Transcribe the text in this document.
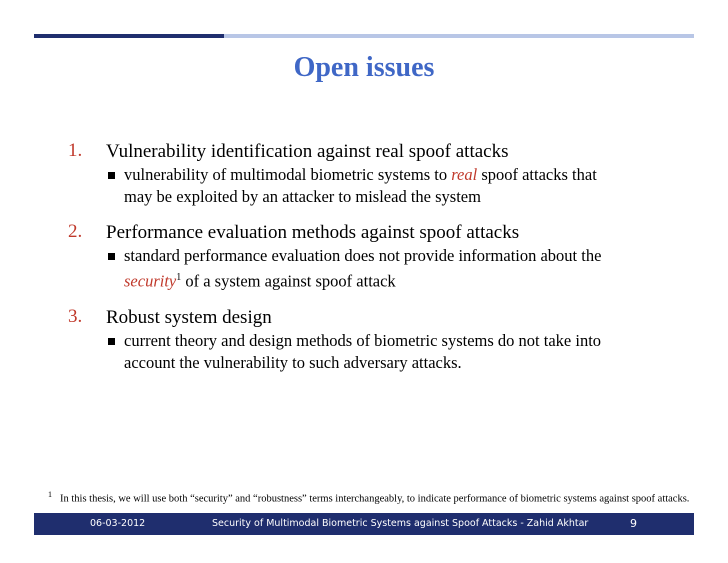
Open issues
1. Vulnerability identification against real spoof attacks
vulnerability of multimodal biometric systems to real spoof attacks that
may be exploited by an attacker to mislead the system
2. Performance evaluation methods against spoof attacks
standard performance evaluation does not provide information about the
security$^1$ of a system against spoof attack
3. Robust system design
current theory and design methods of biometric systems do not take into
account the vulnerability to such adversary attacks.
$^1$ In this thesis, we will use both “security” and “robustness” terms interchangeably, to indicate performance of biometric systems against spoof attacks.
06-03-2012	Security of Multimodal Biometric Systems against Spoof Attacks - Zahid Akhtar	9
